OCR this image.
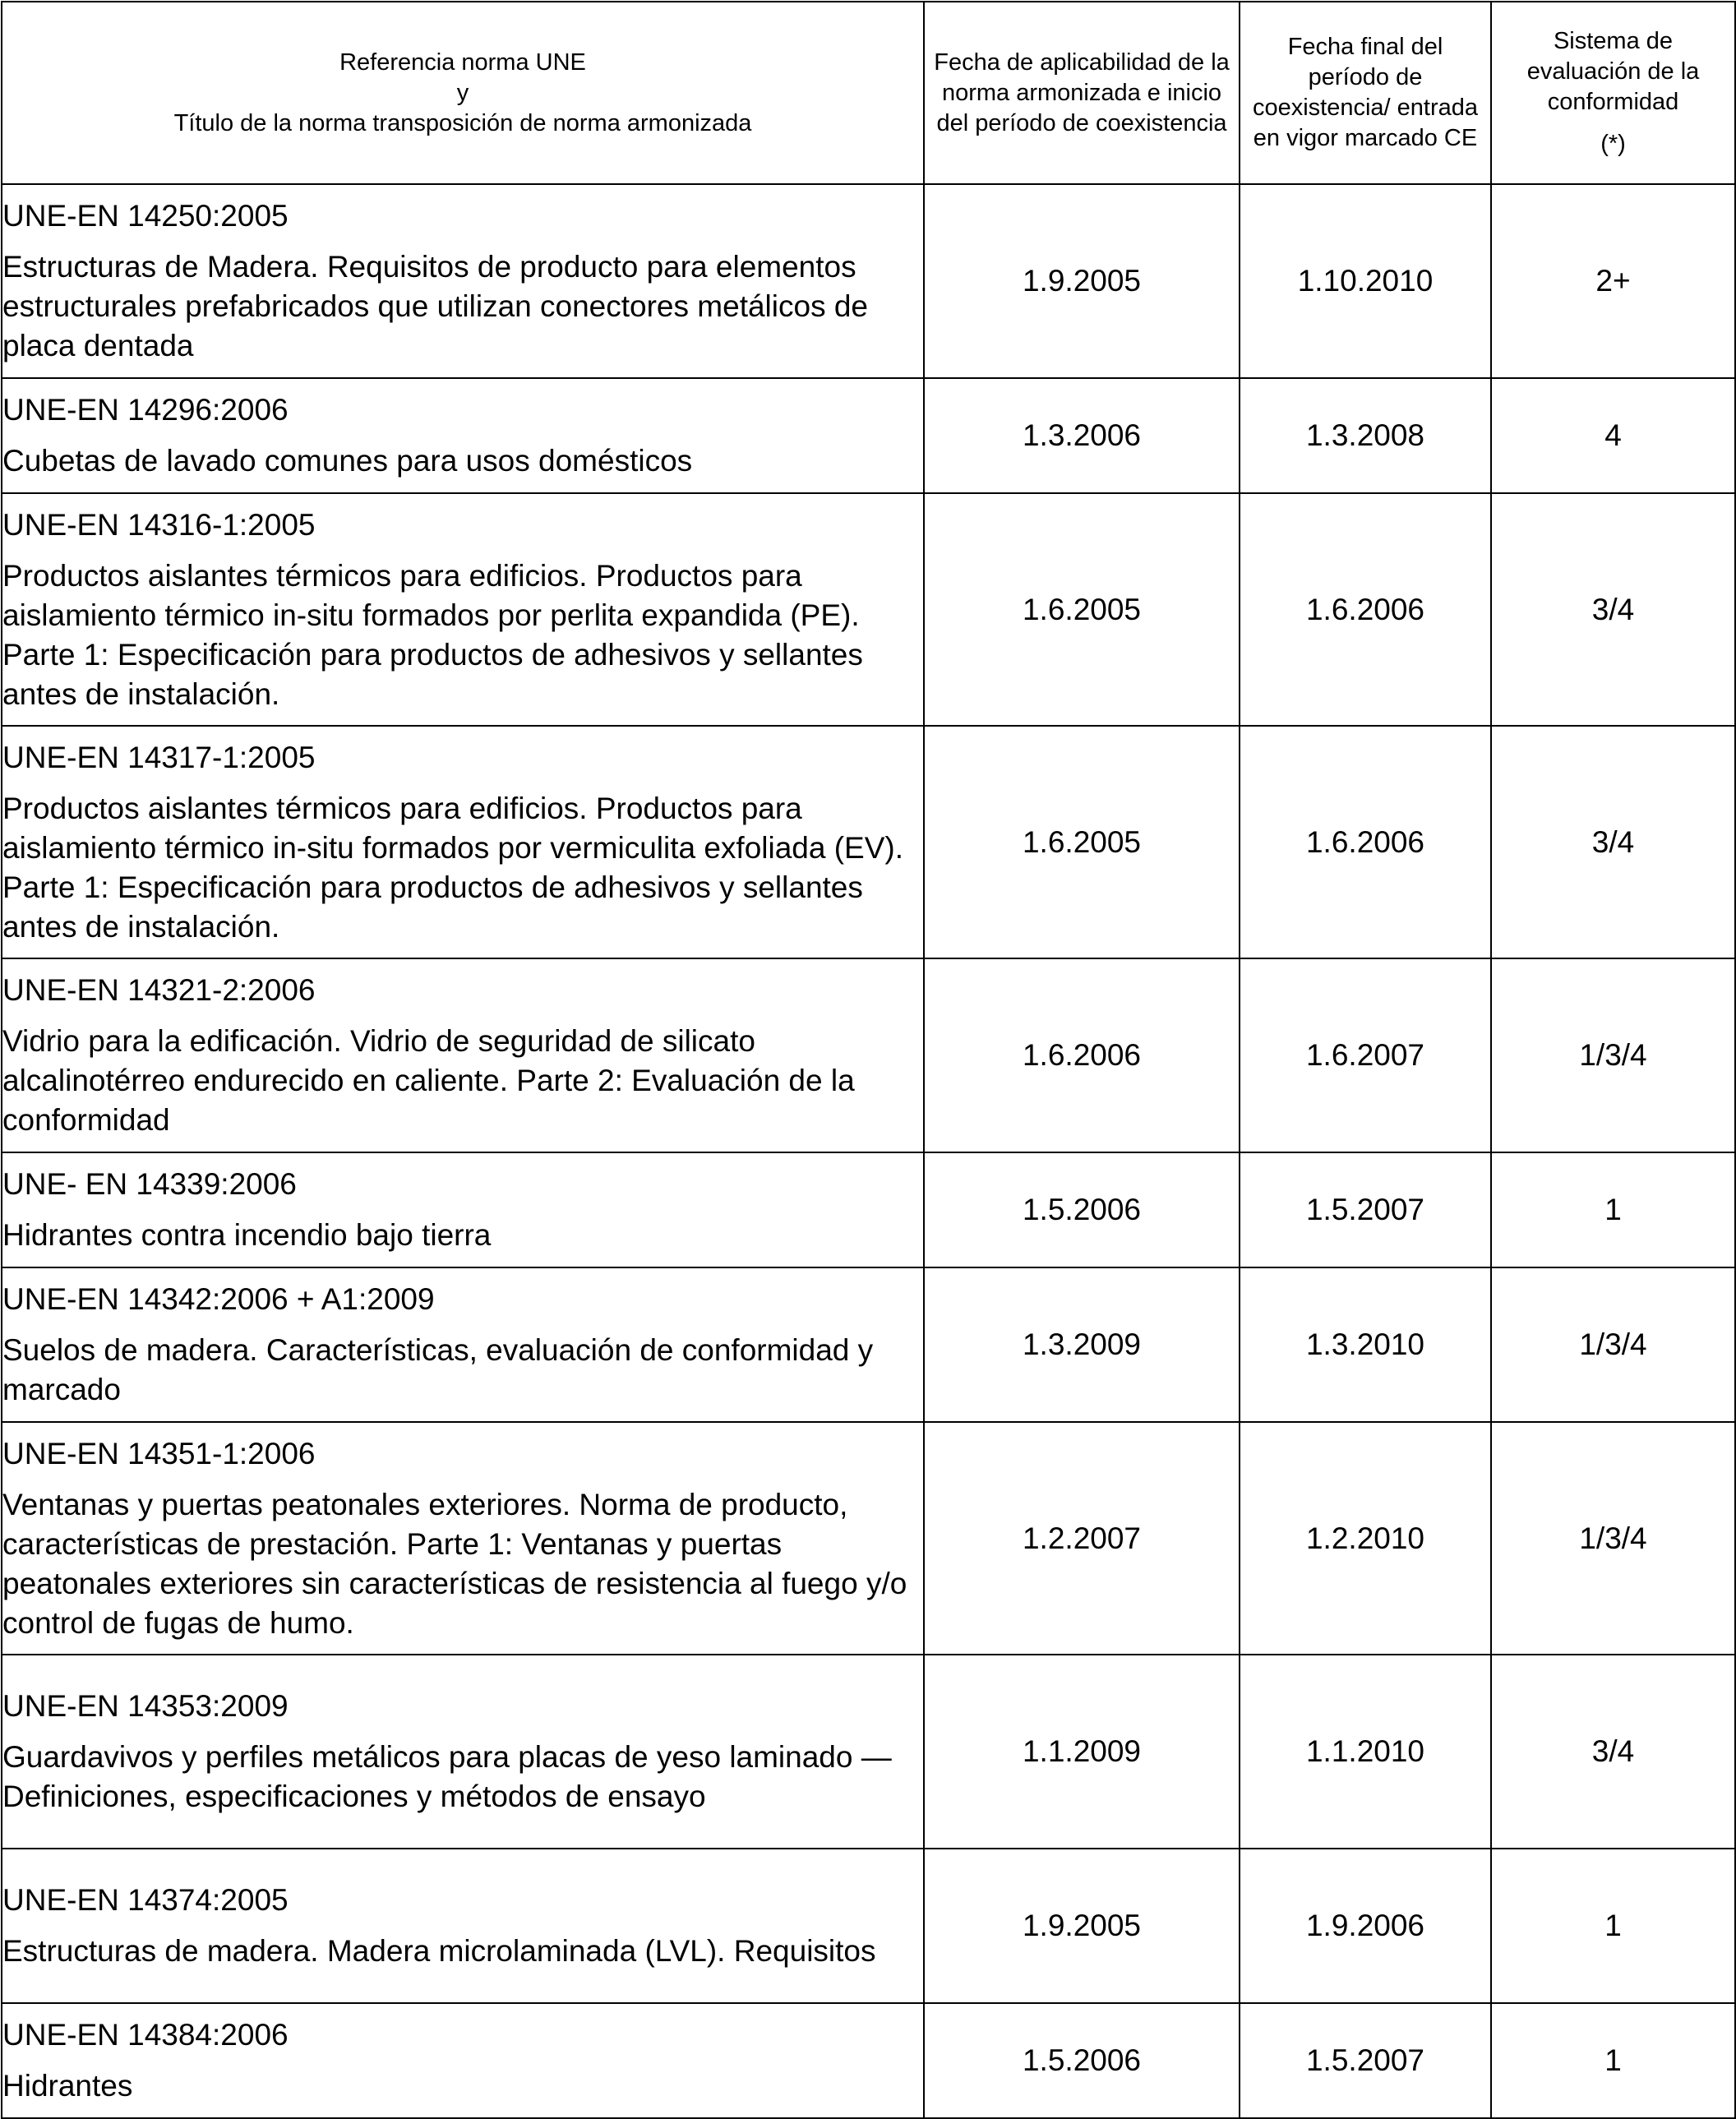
Referencia norma UNE
y
Título de la norma transposición de norma armonizada	Fecha de aplicabilidad de la norma armonizada e inicio del período de coexistencia	Fecha final del período de coexistencia/ entrada en vigor marcado CE	Sistema de evaluación de la conformidad
(*)

UNE-EN 14250:2005
Estructuras de Madera. Requisitos de producto para elementos estructurales prefabricados que utilizan conectores metálicos de placa dentada	1.9.2005	1.10.2010	2+

UNE-EN 14296:2006
Cubetas de lavado comunes para usos domésticos	1.3.2006	1.3.2008	4

UNE-EN 14316-1:2005
Productos aislantes térmicos para edificios. Productos para aislamiento térmico in-situ formados por perlita expandida (PE). Parte 1: Especificación para productos de adhesivos y sellantes antes de instalación.	1.6.2005	1.6.2006	3/4

UNE-EN 14317-1:2005
Productos aislantes térmicos para edificios. Productos para aislamiento térmico in-situ formados por vermiculita exfoliada (EV). Parte 1: Especificación para productos de adhesivos y sellantes antes de instalación.	1.6.2005	1.6.2006	3/4

UNE-EN 14321-2:2006
Vidrio para la edificación. Vidrio de seguridad de silicato alcalinotérreo endurecido en caliente. Parte 2: Evaluación de la conformidad	1.6.2006	1.6.2007	1/3/4

UNE- EN 14339:2006
Hidrantes contra incendio bajo tierra	1.5.2006	1.5.2007	1

UNE-EN 14342:2006 + A1:2009
Suelos de madera. Características, evaluación de conformidad y marcado	1.3.2009	1.3.2010	1/3/4

UNE-EN 14351-1:2006
Ventanas y puertas peatonales exteriores. Norma de producto, características de prestación. Parte 1: Ventanas y puertas peatonales exteriores sin características de resistencia al fuego y/o control de fugas de humo.	1.2.2007	1.2.2010	1/3/4

UNE-EN 14353:2009
Guardavivos y perfiles metálicos para placas de yeso laminado — Definiciones, especificaciones y métodos de ensayo	1.1.2009	1.1.2010	3/4

UNE-EN 14374:2005
Estructuras de madera. Madera microlaminada (LVL). Requisitos	1.9.2005	1.9.2006	1

UNE-EN 14384:2006
Hidrantes	1.5.2006	1.5.2007	1
